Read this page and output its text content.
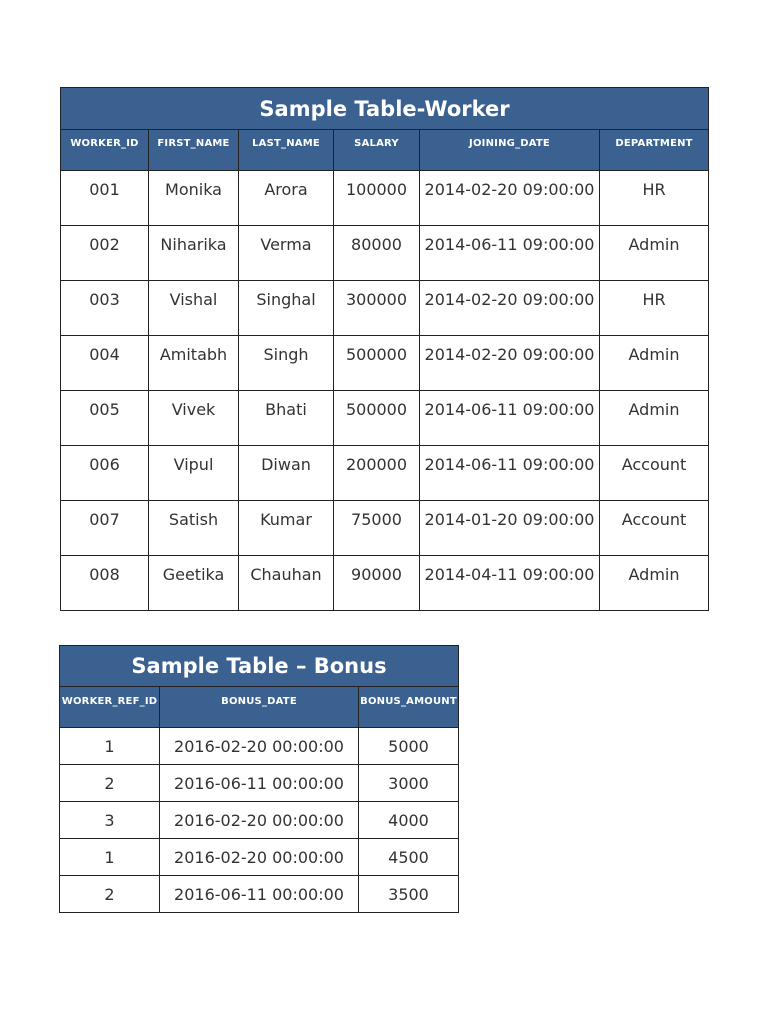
Sample Table-Worker					
WORKER_ID	FIRST_NAME	LAST_NAME	SALARY	JOINING_DATE	DEPARTMENT
001	Monika	Arora	100000	2014-02-20 09:00:00	HR
002	Niharika	Verma	80000	2014-06-11 09:00:00	Admin
003	Vishal	Singhal	300000	2014-02-20 09:00:00	HR
004	Amitabh	Singh	500000	2014-02-20 09:00:00	Admin
005	Vivek	Bhati	500000	2014-06-11 09:00:00	Admin
006	Vipul	Diwan	200000	2014-06-11 09:00:00	Account
007	Satish	Kumar	75000	2014-01-20 09:00:00	Account
008	Geetika	Chauhan	90000	2014-04-11 09:00:00	Admin
Sample Table – Bonus		
WORKER_REF_ID	BONUS_DATE	BONUS_AMOUNT
1	2016-02-20 00:00:00	5000
2	2016-06-11 00:00:00	3000
3	2016-02-20 00:00:00	4000
1	2016-02-20 00:00:00	4500
2	2016-06-11 00:00:00	3500
